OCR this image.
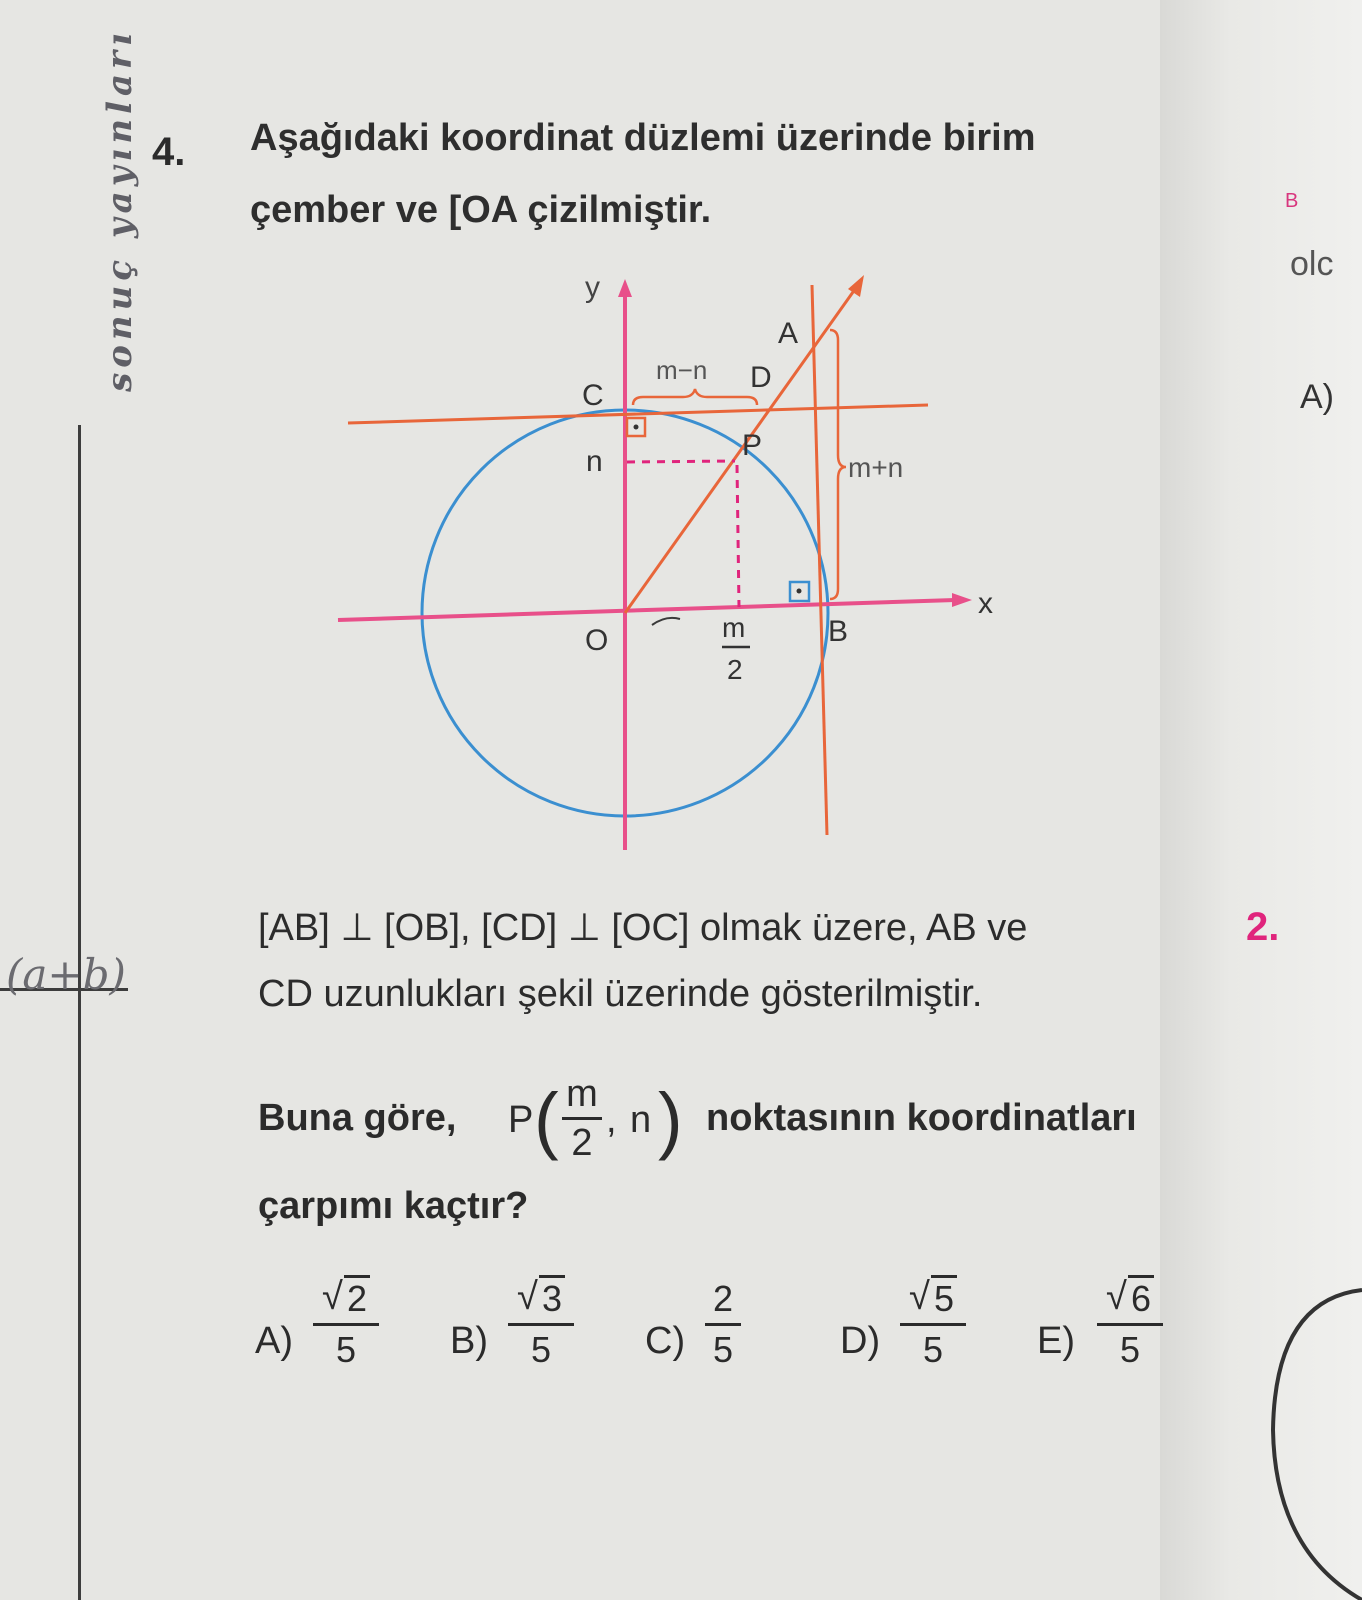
sonuç yayınları
(a+b)
4. Aşağıdaki koordinat düzlemi üzerinde birim
çember ve [OA çizilmiştir.
y
x
A
D
C
P
n
O	B
m−n
m+n
m
2
[AB] ⊥ [OB], [CD] ⊥ [OC] olmak üzere, AB ve
CD uzunlukları şekil üzerinde gösterilmiştir.
Buna göre, P ( m
2
, n ) noktasının koordinatları
çarpımı kaçtır?
A)
√ 2
5	B)
√ 3
5	C)
2
5	D)
√ 5
5	E)
√ 6
5
2.
B
olc
A)
